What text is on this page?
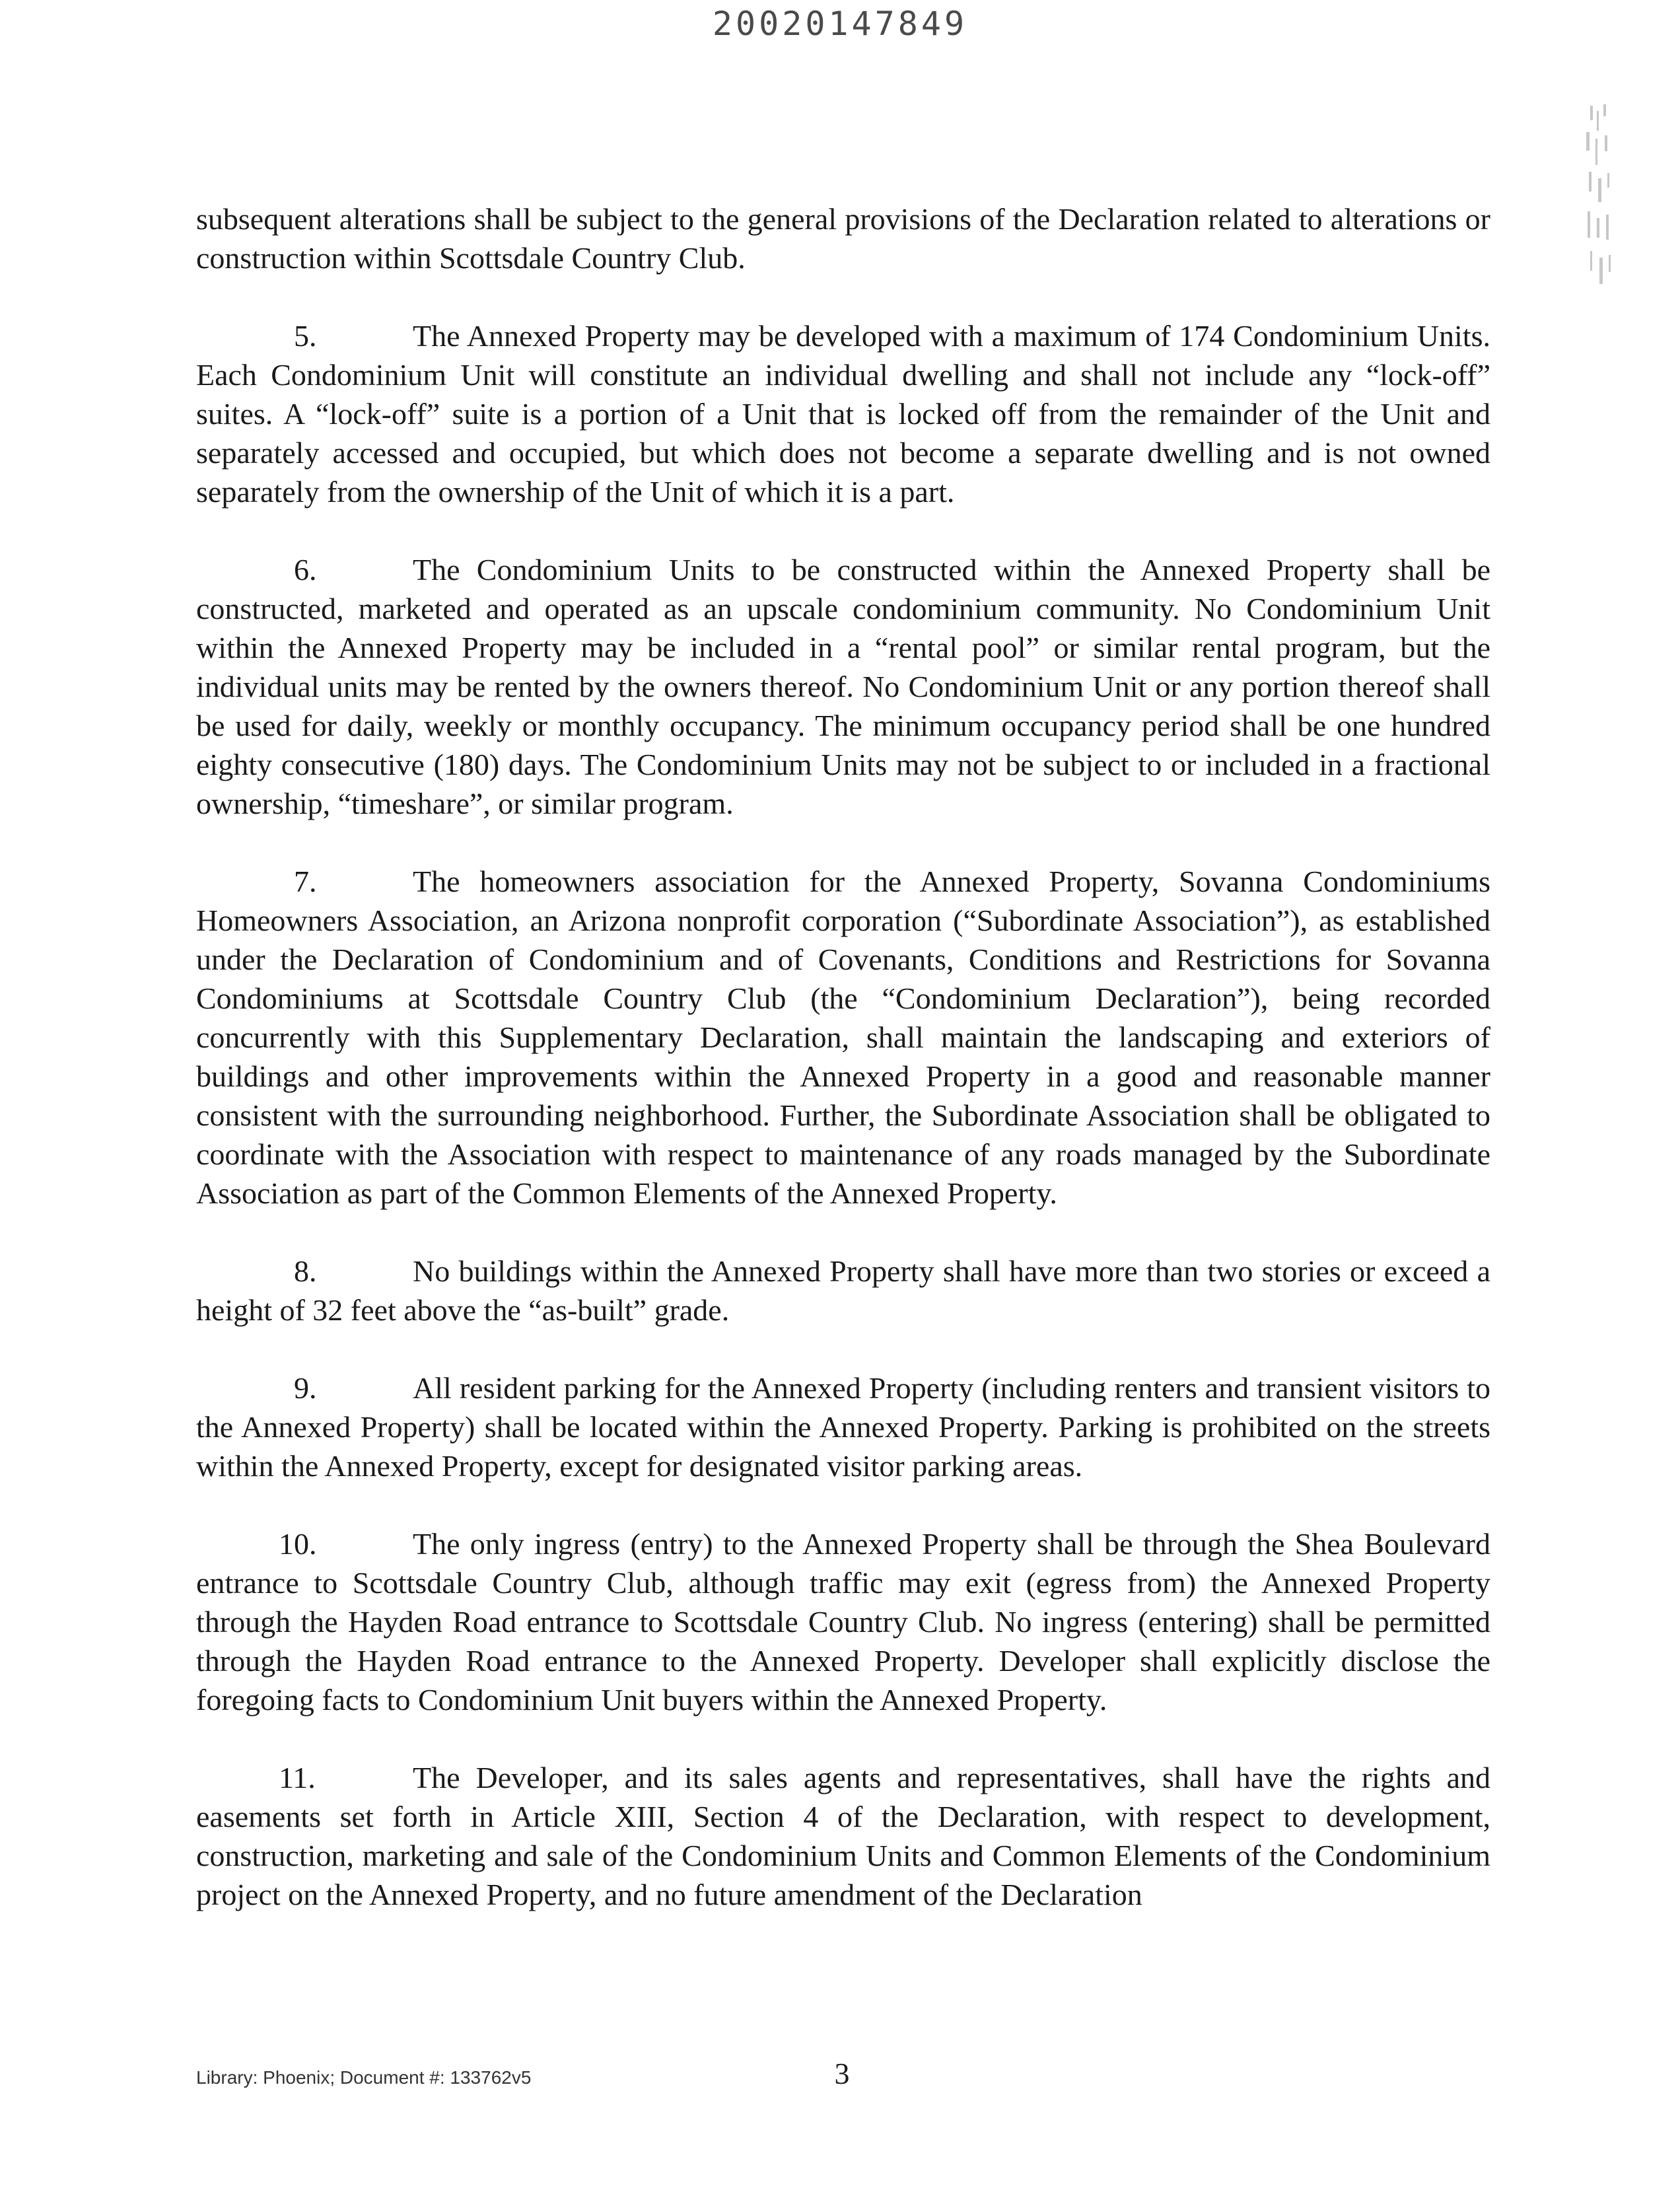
20020147849

subsequent alterations shall be subject to the general provisions of the Declaration related to alterations or construction within Scottsdale Country Club.

5.	The Annexed Property may be developed with a maximum of 174 Condominium Units. Each Condominium Unit will constitute an individual dwelling and shall not include any “lock-off” suites. A “lock-off” suite is a portion of a Unit that is locked off from the remainder of the Unit and separately accessed and occupied, but which does not become a separate dwelling and is not owned separately from the ownership of the Unit of which it is a part.

6.	The Condominium Units to be constructed within the Annexed Property shall be constructed, marketed and operated as an upscale condominium community. No Condominium Unit within the Annexed Property may be included in a “rental pool” or similar rental program, but the individual units may be rented by the owners thereof. No Condominium Unit or any portion thereof shall be used for daily, weekly or monthly occupancy. The minimum occupancy period shall be one hundred eighty consecutive (180) days. The Condominium Units may not be subject to or included in a fractional ownership, “timeshare”, or similar program.

7.	The homeowners association for the Annexed Property, Sovanna Condominiums Homeowners Association, an Arizona nonprofit corporation (“Subordinate Association”), as established under the Declaration of Condominium and of Covenants, Conditions and Restrictions for Sovanna Condominiums at Scottsdale Country Club (the “Condominium Declaration”), being recorded concurrently with this Supplementary Declaration, shall maintain the landscaping and exteriors of buildings and other improvements within the Annexed Property in a good and reasonable manner consistent with the surrounding neighborhood. Further, the Subordinate Association shall be obligated to coordinate with the Association with respect to maintenance of any roads managed by the Subordinate Association as part of the Common Elements of the Annexed Property.

8.	No buildings within the Annexed Property shall have more than two stories or exceed a height of 32 feet above the “as-built” grade.

9.	All resident parking for the Annexed Property (including renters and transient visitors to the Annexed Property) shall be located within the Annexed Property. Parking is prohibited on the streets within the Annexed Property, except for designated visitor parking areas.

10.	The only ingress (entry) to the Annexed Property shall be through the Shea Boulevard entrance to Scottsdale Country Club, although traffic may exit (egress from) the Annexed Property through the Hayden Road entrance to Scottsdale Country Club. No ingress (entering) shall be permitted through the Hayden Road entrance to the Annexed Property. Developer shall explicitly disclose the foregoing facts to Condominium Unit buyers within the Annexed Property.

11.	The Developer, and its sales agents and representatives, shall have the rights and easements set forth in Article XIII, Section 4 of the Declaration, with respect to development, construction, marketing and sale of the Condominium Units and Common Elements of the Condominium project on the Annexed Property, and no future amendment of the Declaration

Library: Phoenix; Document #: 133762v5	3
